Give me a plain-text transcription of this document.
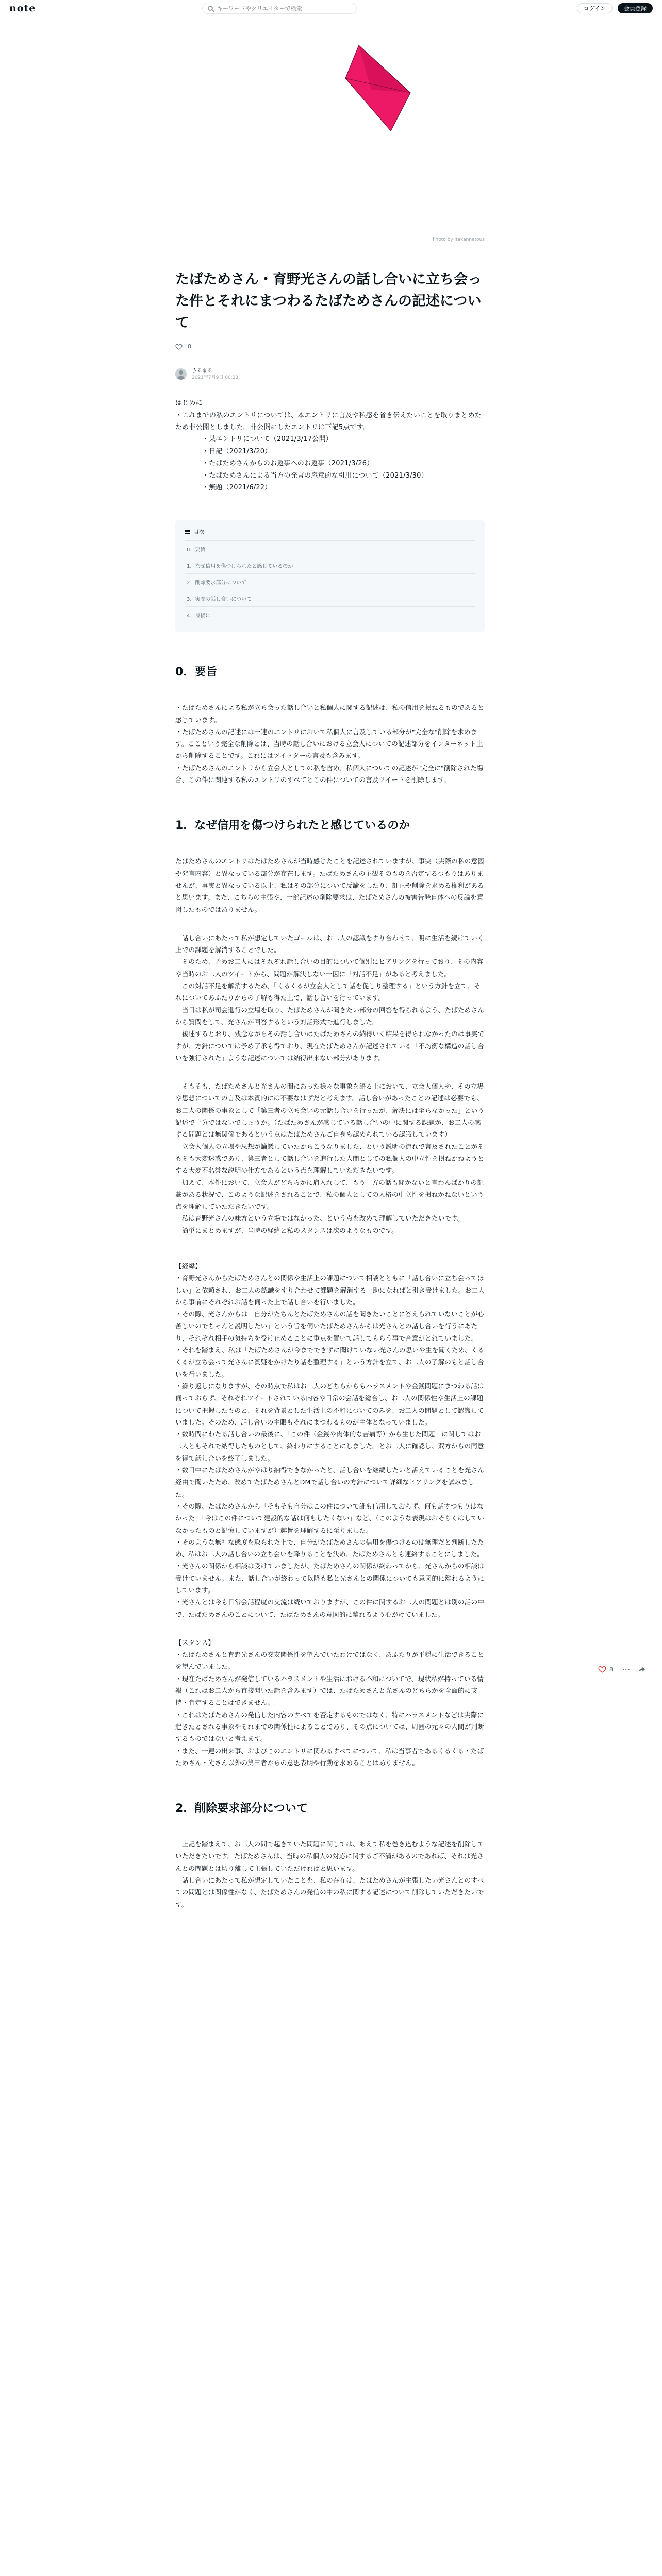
note
キーワードやクリエイターで検索	ログイン	会員登録
Photo by itakannetous
たばためさん・育野光さんの話し合いに立ち会った件とそれにまつわるたばためさんの記述について
8
うるまる
2021年7月9日 00:23

はじめに

・これまでの私のエントリについては、本エントリに言及や私感を省き伝えたいことを取りまとめたため非公開としました。非公開にしたエントリは下記5点です。

・某エントリについて（2021/3/17公開）

・日記（2021/3/20）

・たばためさんからのお返事へのお返事（2021/3/26）

・たばためさんによる当方の発言の恣意的な引用について（2021/3/30）

・無題（2021/6/22）

目次
0．要旨
1．なぜ信用を傷つけられたと感じているのか
2．削除要求部分について
3．実際の話し合いについて
4．最後に
0．要旨

・たばためさんによる私が立ち会った話し合いと私個人に関する記述は、私の信用を損ねるものであると感じています。

・たばためさんの記述には一連のエントリにおいて私個人に言及している部分が"完全な"削除を求めます。ここという完全な削除とは、当時の話し合いにおける立会人についての記述部分をインターネット上から削除することです。これにはツイッターの言及も含みます。

・たばためさんのエントリから立会人としての私を含め、私個人についての記述が"完全に"削除された場合、この件に関連する私のエントリのすべてとこの件についての言及ツイートを削除します。

1．なぜ信用を傷つけられたと感じているのか

たばためさんのエントリはたばためさんが当時感じたことを記述されていますが、事実（実際の私の意図や発言内容）と異なっている部分が存在します。たばためさんの主観そのものを否定するつもりはありませんが、事実と異なっている以上、私はその部分について反論をしたり、訂正や削除を求める権利があると思います。また、こちらの主張や、一部記述の削除要求は、たばためさんの被害告発自体への反論を意図したものではありません。

　話し合いにあたって私が想定していたゴールは、お二人の認識をすり合わせて、明に生活を続けていく上での課題を解消することでした。

　そのため、予めお二人にはそれぞれ話し合いの目的について個別にヒアリングを行っており、その内容や当時のお二人のツイートから、問題が解決しない一因に「対話不足」があると考えました。

　この対話不足を解消するため、「くるくるが立会人として話を促しり整理する」という方針を立て、それについてあふたりからの了解も得た上で、話し合いを行っています。

　当日は私が司会進行の立場を取り、たばためさんが聞きたい部分の回答を得られるよう、たばためさんから質問をして、光さんが回答するという対話形式で進行しました。

　後述するとおり、残念ながらその話し合いはたばためさんの納得いく結果を得られなかったのは事実ですが、方針については予め了承も得ており、現在たばためさんが記述されている「不均衡な構造の話し合いを強行された」ような記述については納得出来ない部分があります。

　そもそも、たばためさんと光さんの間にあった様々な事象を語る上において、立会人個人や、その立場や思想についての言及は本質的には不要なはずだと考えます。話し合いがあったことの記述は必要でも、お二人の関係の事象として「第三者の立ち会いの元話し合いを行ったが、解決には至らなかった」という記述で十分ではないでしょうか。（たばためさんが感じている話し合いの中に関する課題が、お二人の感ずる問題とは無関係であるという点はたばためさんご自身も認められている認識しています）

　立会人個人の立場や思想が論議していたからこうなりました、という説明の流れで言及されたことがそもそも大変迷惑であり、第三者として話し合いを進行した人間としての私個人の中立性を損ねかねようとする大変不名誉な説明の仕方であるという点を理解していただきたいです。

　加えて、本件において、立会人がどちらかに肩入れして、もう一方の話も聞かないと言わんばかりの記載がある状況で、このような記述をされることで、私の個人としての人格の中立性を損ねかねないという点を理解していただきたいです。

　私は育野光さんの味方という立場ではなかった、という点を改めて理解していただきたいです。

　簡単にまとめますが、当時の経緯と私のスタンスは次のようなものです。

【経緯】

・育野光さんからたばためさんとの関係や生活上の課題について相談とともに「話し合いに立ち会ってほしい」と依頼され、お二人の認識をすり合わせて課題を解消する一助になればと引き受けました。お二人から事前にそれぞれお話を伺った上で話し合いを行いました。

・その際、光さんからは「自分がたちんとたばためさんの話を聞きたいことに答えられていないことが心苦しいのでちゃんと説明したい」という旨を伺いたばためさんからは光さんとの話し合いを行うにあたり、それぞれ相手の気持ちを受け止めることに重点を置いて話してもらう事で合意がとれていました。

・それを踏まえ、私は「たばためさんが今までできずに聞けていない光さんの思いや生を聞くため、くるくるが立ち会って光さんに質疑をかけたり話を整理する」という方針を立て、お二人の了解のもと話し合いを行いました。

・繰り返しになりますが、その時点で私はお二人のどちらからもハラスメントや金銭問題にまつわる話は伺っておらず、それぞれツイートされている内容や日常の会話を総合し、お二人の関係性や生活上の課題について把握したものと、それを背景とした生活上の不和についてのみを、お二人の問題として認識していました。そのため、話し合いの主眼もそれにまつわるものが主体となっていました。

・数時間にわたる話し合いの最後に、「この件（金銭や肉体的な苦痛等）から生じた問題」に関してはお二人ともそれで納得したものとして、終わりにすることにしました。とお二人に確認し、双方からの同意を得て話し合いを終了しました。

・数日中にたばためさんがやはり納得できなかったと、話し合いを継続したいと訴えていることを光さん経由で聞いたため、改めてたばためさんとDMで話し合いの方針について詳細なヒアリングを試みました。

・その際、たばためさんから「そもそも自分はこの件について誰も信用しておらず、何も話すつもりはなかった」「今はこの件について建設的な話は何もしたくない」など、（このような表現はおそらくはしていなかったものと記憶していますが）趣旨を理解するに至りました。

・そのような無礼な態度を取られた上で、自分がたばためさんの信用を傷つけるのは無理だと判断したため、私はお二人の話し合いの立ち会いを降りることを決め、たばためさんとも連絡することにしました。

・光さんの関係から相談は受けていましたが、たばためさんの関係が終わってから、光さんからの相談は受けていません。また、話し合いが終わって以降も私と光さんとの関係についても意図的に離れるようにしています。

・光さんとは今も日常会話程度の交流は続いておりますが、この件に関するお二人の問題とは別の話の中で、たばためさんのことについて、たばためさんの意図的に離れるよう心がけていました。

【スタンス】

・たばためさんと育野光さんの交友関係性を望んでいたわけではなく、あふたりが平穏に生活できることを望んでいました。

・現在たばためさんが発信しているハラスメントや生活における不和についてで、現状私が持っている情報（これはお二人から直接聞いた話を含みます）では、たばためさんと光さんのどちらかを全面的に支持・肯定することはできません。

・これはたばためさんの発信した内容のすべてを否定するものではなく、特にハラスメントなどは実際に起きたとされる事象やそれまでの関係性によることであり、その点については、周囲の元々の人間が判断するものではないと考えます。

・また、一連の出来事、およびこのエントリに関わるすべてについて、私は当事者であるくるくる・たばためさん・光さん以外の第三者からの意思表明や行動を求めることはありません。

2．削除要求部分について

　上記を踏まえて、お二人の間で起きていた問題に関しては、あえて私を巻き込むような記述を削除していただきたいです。たばためさんは、当時の私個人の対応に関するご不満があるのであれば、それは光さんとの問題とは切り離して主張していただければと思います。

　話し合いにあたって私が想定していたことを、私の存在は、たばためさんが主張したい光さんとのすべての問題とは関係性がなく、たばためさんの発信の中の私に関する記述について削除していただきたいです。

8 ···
